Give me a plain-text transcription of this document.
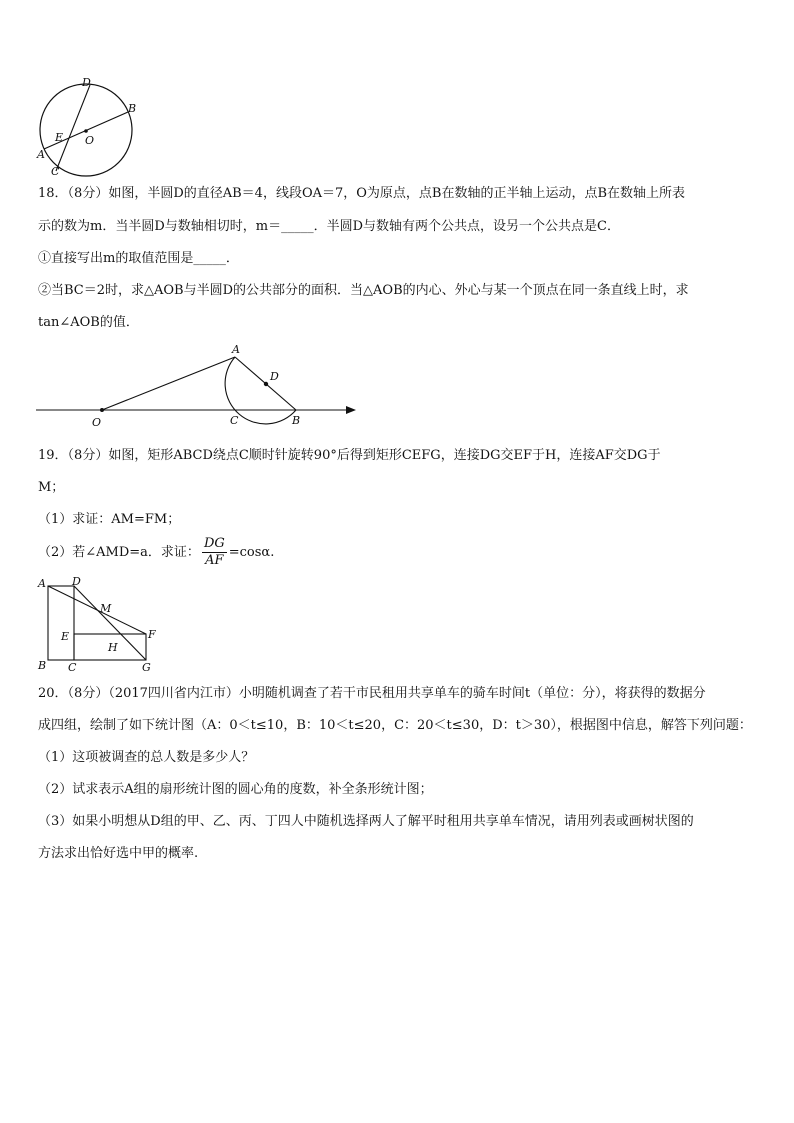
D
B
E O
A
C
18．（8分）如图，半圆D的直径AB＝4，线段OA＝7，O为原点，点B在数轴的正半轴上运动，点B在数轴上所表
示的数为m．当半圆D与数轴相切时，m＝_____．半圆D与数轴有两个公共点，设另一个公共点是C．
①直接写出m的取值范围是_____．
②当BC＝2时，求△AOB与半圆D的公共部分的面积．当△AOB的内心、外心与某一个顶点在同一条直线上时，求
tan∠AOB的值．
A
D
O	C	B
19．（8分）如图，矩形ABCD绕点C顺时针旋转90°后得到矩形CEFG，连接DG交EF于H，连接AF交DG于
M；
（1）求证：AM=FM；
（2）若∠AMD=a．求证： $\frac{DG}{AF} =\cos\alpha$.
A D
M
E	F
H
B C	G
20．（8分）（2017四川省内江市）小明随机调查了若干市民租用共享单车的骑车时间t（单位：分），将获得的数据分
成四组，绘制了如下统计图（A：0＜t≤10，B：10＜t≤20，C：20＜t≤30，D：t＞30），根据图中信息，解答下列问题：
（1）这项被调查的总人数是多少人？
（2）试求表示A组的扇形统计图的圆心角的度数，补全条形统计图；
（3）如果小明想从D组的甲、乙、丙、丁四人中随机选择两人了解平时租用共享单车情况，请用列表或画树状图的
方法求出恰好选中甲的概率.
